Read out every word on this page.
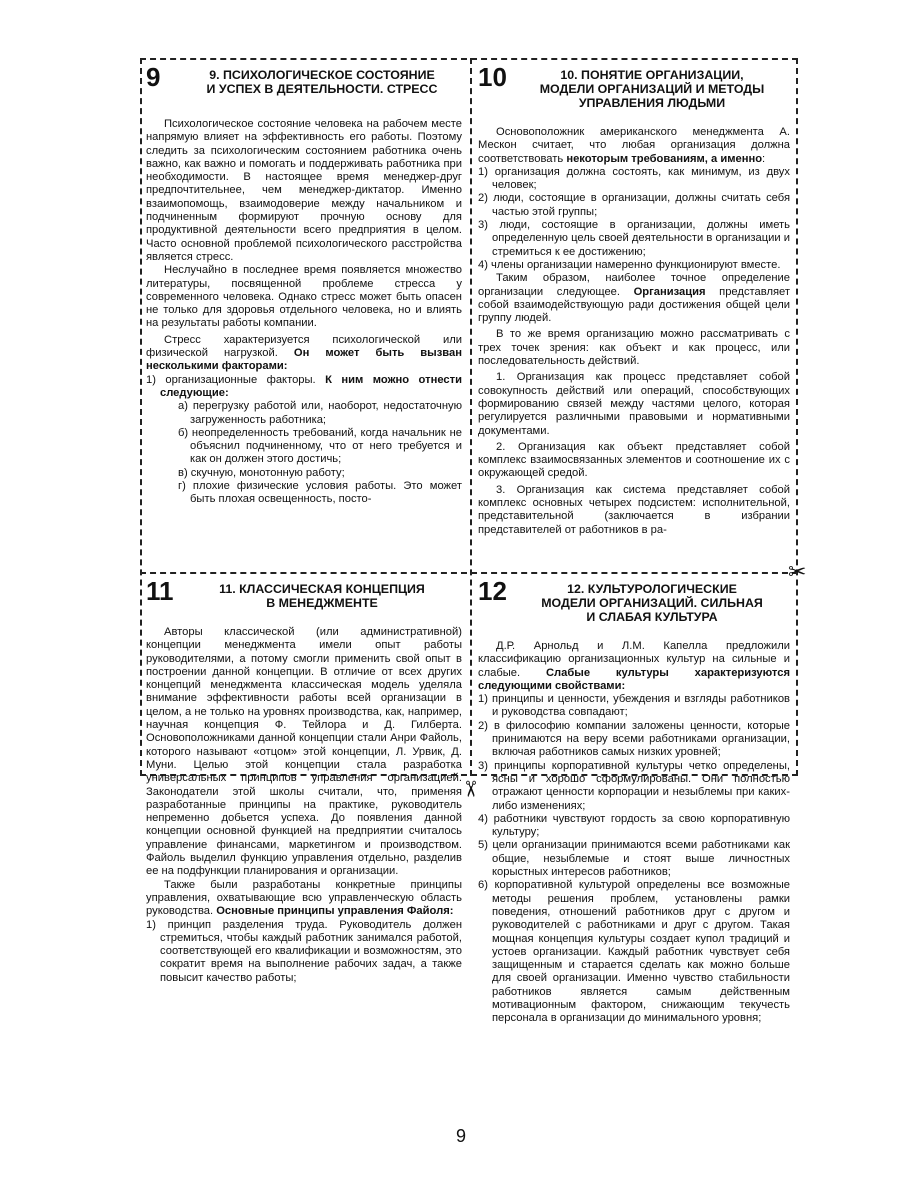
✂
✂
9	9. ПСИХОЛОГИЧЕСКОЕ СОСТОЯНИЕ
И УСПЕХ В ДЕЯТЕЛЬНОСТИ. СТРЕСС

Психологическое состояние человека на рабочем месте напрямую влияет на эффективность его работы. Поэтому следить за психологическим состоянием работника очень важно, как важно и помогать и поддерживать работника при необходимости. В настоящее время менеджер-друг предпочтительнее, чем менеджер-диктатор. Именно взаимопомощь, взаимодоверие между начальником и подчиненным формируют прочную основу для продуктивной деятельности всего предприятия в целом. Часто основной проблемой психологического расстройства является стресс.

Неслучайно в последнее время появляется множество литературы, посвященной проблеме стресса у современного человека. Однако стресс может быть опасен не только для здоровья отдельного человека, но и влиять на результаты работы компании.

Стресс характеризуется психологической или физической нагрузкой. Он может быть вызван несколькими факторами:

1) организационные факторы. К ним можно отнести следующие:

а) перегрузку работой или, наоборот, недостаточную загруженность работника;

б) неопределенность требований, когда начальник не объяснил подчиненному, что от него требуется и как он должен этого достичь;

в) скучную, монотонную работу;

г) плохие физические условия работы. Это может быть плохая освещенность, посто-

10	10. ПОНЯТИЕ ОРГАНИЗАЦИИ,
МОДЕЛИ ОРГАНИЗАЦИЙ И МЕТОДЫ
УПРАВЛЕНИЯ ЛЮДЬМИ

Основоположник американского менеджмента А. Мескон считает, что любая организация должна соответствовать некоторым требованиям, а именно:

1) организация должна состоять, как минимум, из двух человек;

2) люди, состоящие в организации, должны считать себя частью этой группы;

3) люди, состоящие в организации, должны иметь определенную цель своей деятельности в организации и стремиться к ее достижению;

4) члены организации намеренно функционируют вместе.

Таким образом, наиболее точное определение организации следующее. Организация представляет собой взаимодействующую ради достижения общей цели группу людей.

В то же время организацию можно рассматривать с трех точек зрения: как объект и как процесс, или последовательность действий.

1. Организация как процесс представляет собой совокупность действий или операций, способствующих формированию связей между частями целого, которая регулируется различными правовыми и нормативными документами.

2. Организация как объект представляет собой комплекс взаимосвязанных элементов и соотношение их с окружающей средой.

3. Организация как система представляет собой комплекс основных четырех подсистем: исполнительной, представительной (заключается в избрании представителей от работников в ра-

11	11. КЛАССИЧЕСКАЯ КОНЦЕПЦИЯ
В МЕНЕДЖМЕНТЕ

Авторы классической (или административной) концепции менеджмента имели опыт работы руководителями, а потому смогли применить свой опыт в построении данной концепции. В отличие от всех других концепций менеджмента классическая модель уделяла внимание эффективности работы всей организации в целом, а не только на уровнях производства, как, например, научная концепция Ф. Тейлора и Д. Гилберта. Основоположниками данной концепции стали Анри Файоль, которого называют «отцом» этой концепции, Л. Урвик, Д. Муни. Целью этой концепции стала разработка универсальных принципов управления организацией. Законодатели этой школы считали, что, применяя разработанные принципы на практике, руководитель непременно добьется успеха. До появления данной концепции основной функцией на предприятии считалось управление финансами, маркетингом и производством. Файоль выделил функцию управления отдельно, разделив ее на подфункции планирования и организации.

Также были разработаны конкретные принципы управления, охватывающие всю управленческую область руководства. Основные принципы управления Файоля:

1) принцип разделения труда. Руководитель должен стремиться, чтобы каждый работник занимался работой, соответствующей его квалификации и возможностям, это сократит время на выполнение рабочих задач, а также повысит качество работы;

12	12. КУЛЬТУРОЛОГИЧЕСКИЕ
МОДЕЛИ ОРГАНИЗАЦИЙ. СИЛЬНАЯ
И СЛАБАЯ КУЛЬТУРА

Д.Р. Арнольд и Л.М. Капелла предложили классификацию организационных культур на сильные и слабые. Слабые культуры характеризуются следующими свойствами:

1) принципы и ценности, убеждения и взгляды работников и руководства совпадают;

2) в философию компании заложены ценности, которые принимаются на веру всеми работниками организации, включая работников самых низких уровней;

3) принципы корпоративной культуры четко определены, ясны и хорошо сформулированы. Они полностью отражают ценности корпорации и незыблемы при каких-либо изменениях;

4) работники чувствуют гордость за свою корпоративную культуру;

5) цели организации принимаются всеми работниками как общие, незыблемые и стоят выше личностных корыстных интересов работников;

6) корпоративной культурой определены все возможные методы решения проблем, установлены рамки поведения, отношений работников друг с другом и руководителей с работниками и друг с другом. Такая мощная концепция культуры создает купол традиций и устоев организации. Каждый работник чувствует себя защищенным и старается сделать как можно больше для своей организации. Именно чувство стабильности работников является самым действенным мотивационным фактором, снижающим текучесть персонала в организации до минимального уровня;

9
